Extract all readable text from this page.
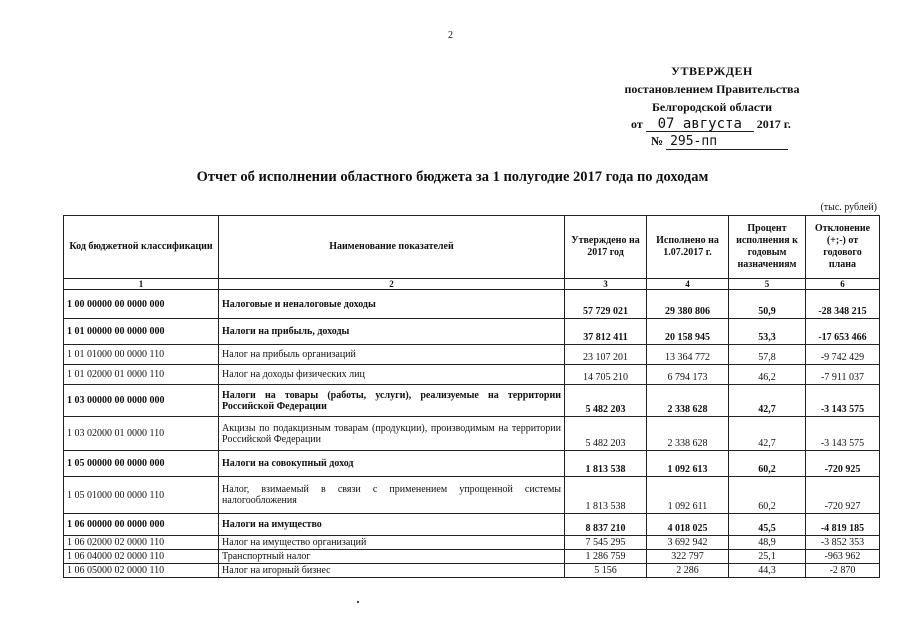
2
УТВЕРЖДЕН
постановлением Правительства
Белгородской области
от 07 августа 2017 г.
№ 295-пп
Отчет об исполнении областного бюджета за 1 полугодие 2017 года по доходам
(тыс. рублей)
Код бюджетной классификации	Наименование показателей	Утверждено на 2017 год	Исполнено на 1.07.2017 г.	Процент исполнения к годовым назначениям	Отклонение (+;-) от годового плана
1	2	3	4	5	6
1 00 00000 00 0000 000	Налоговые и неналоговые доходы	57 729 021	29 380 806	50,9	-28 348 215
1 01 00000 00 0000 000	Налоги на прибыль, доходы	37 812 411	20 158 945	53,3	-17 653 466
1 01 01000 00 0000 110	Налог на прибыль организаций	23 107 201	13 364 772	57,8	-9 742 429
1 01 02000 01 0000 110	Налог на доходы физических лиц	14 705 210	6 794 173	46,2	-7 911 037
1 03 00000 00 0000 000	Налоги на товары (работы, услуги), реализуемые на территории Российской Федерации	5 482 203	2 338 628	42,7	-3 143 575
1 03 02000 01 0000 110	Акцизы по подакцизным товарам (продукции), производимым на территории Российской Федерации	5 482 203	2 338 628	42,7	-3 143 575
1 05 00000 00 0000 000	Налоги на совокупный доход	1 813 538	1 092 613	60,2	-720 925
1 05 01000 00 0000 110	Налог, взимаемый в связи с применением упрощенной системы налогообложения	1 813 538	1 092 611	60,2	-720 927
1 06 00000 00 0000 000	Налоги на имущество	8 837 210	4 018 025	45,5	-4 819 185
1 06 02000 02 0000 110	Налог на имущество организаций	7 545 295	3 692 942	48,9	-3 852 353
1 06 04000 02 0000 110	Транспортный налог	1 286 759	322 797	25,1	-963 962
1 06 05000 02 0000 110	Налог на игорный бизнес	5 156	2 286	44,3	-2 870
